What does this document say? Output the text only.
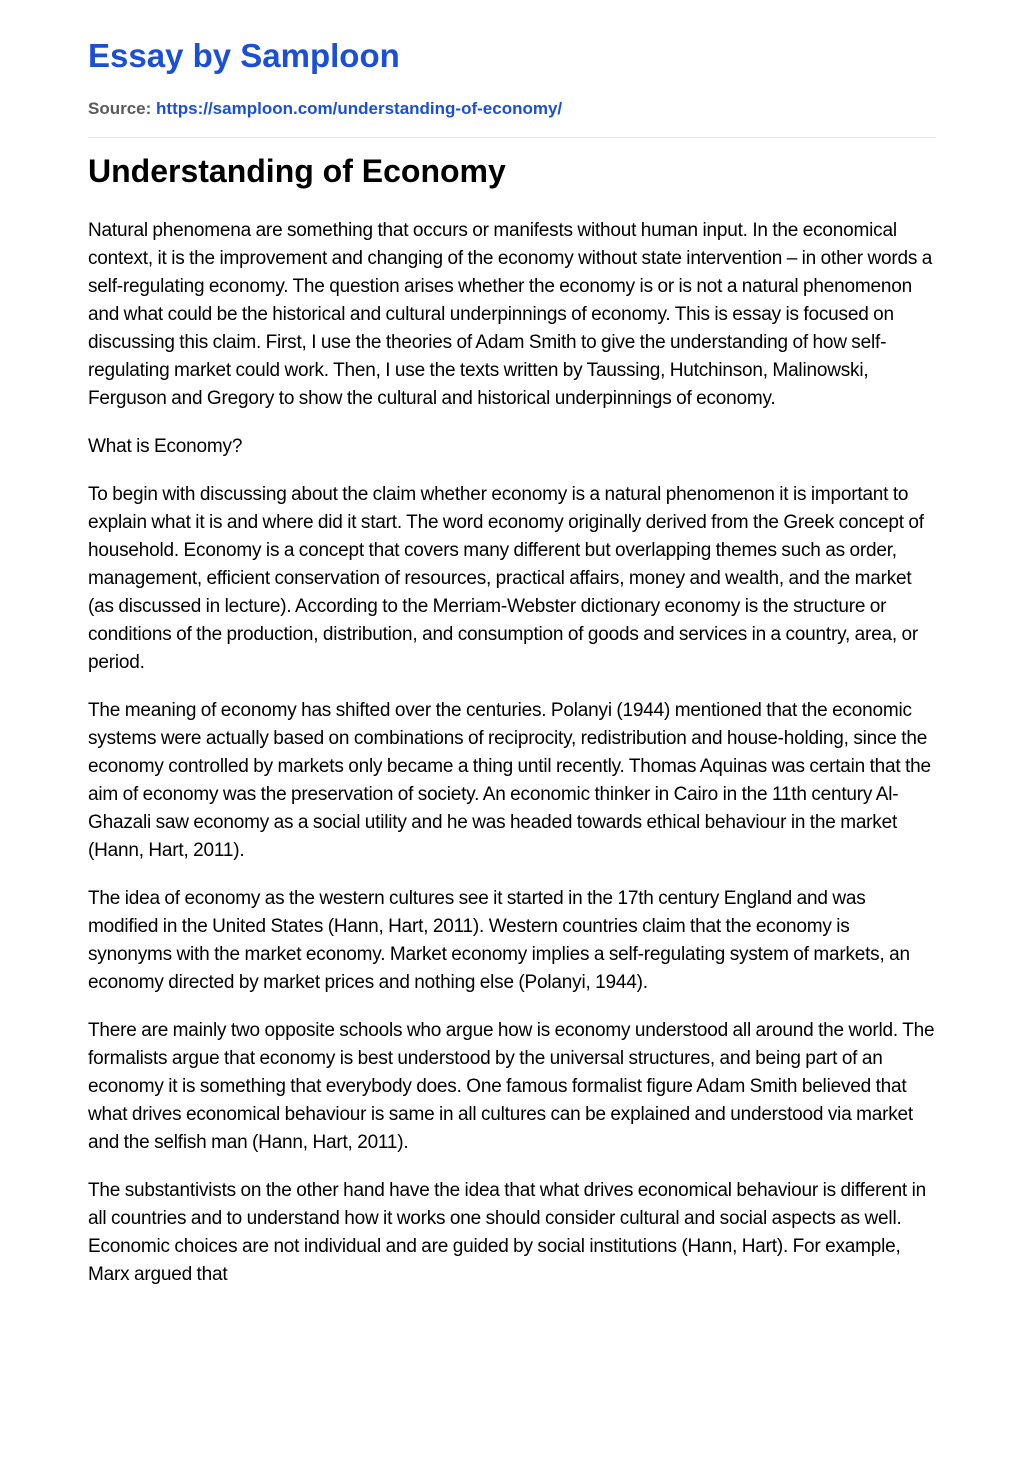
Essay by Samploon
Source: https://samploon.com/understanding-of-economy/
Understanding of Economy

Natural phenomena are something that occurs or manifests without human input. In the economical context, it is the improvement and changing of the economy without state intervention – in other words a self-regulating economy. The question arises whether the economy is or is not a natural phenomenon and what could be the historical and cultural underpinnings of economy. This is essay is focused on discussing this claim. First, I use the theories of Adam Smith to give the understanding of how self-regulating market could work. Then, I use the texts written by Taussing, Hutchinson, Malinowski, Ferguson and Gregory to show the cultural and historical underpinnings of economy.

What is Economy?

To begin with discussing about the claim whether economy is a natural phenomenon it is important to explain what it is and where did it start. The word economy originally derived from the Greek concept of household. Economy is a concept that covers many different but overlapping themes such as order, management, efficient conservation of resources, practical affairs, money and wealth, and the market (as discussed in lecture). According to the Merriam-Webster dictionary economy is the structure or conditions of the production, distribution, and consumption of goods and services in a country, area, or period.

The meaning of economy has shifted over the centuries. Polanyi (1944) mentioned that the economic systems were actually based on combinations of reciprocity, redistribution and house-holding, since the economy controlled by markets only became a thing until recently. Thomas Aquinas was certain that the aim of economy was the preservation of society. An economic thinker in Cairo in the 11th century Al-Ghazali saw economy as a social utility and he was headed towards ethical behaviour in the market (Hann, Hart, 2011).

The idea of economy as the western cultures see it started in the 17th century England and was modified in the United States (Hann, Hart, 2011). Western countries claim that the economy is synonyms with the market economy. Market economy implies a self-regulating system of markets, an economy directed by market prices and nothing else (Polanyi, 1944).

There are mainly two opposite schools who argue how is economy understood all around the world. The formalists argue that economy is best understood by the universal structures, and being part of an economy it is something that everybody does. One famous formalist figure Adam Smith believed that what drives economical behaviour is same in all cultures can be explained and understood via market and the selfish man (Hann, Hart, 2011).

The substantivists on the other hand have the idea that what drives economical behaviour is different in all countries and to understand how it works one should consider cultural and social aspects as well. Economic choices are not individual and are guided by social institutions (Hann, Hart). For example, Marx argued that
